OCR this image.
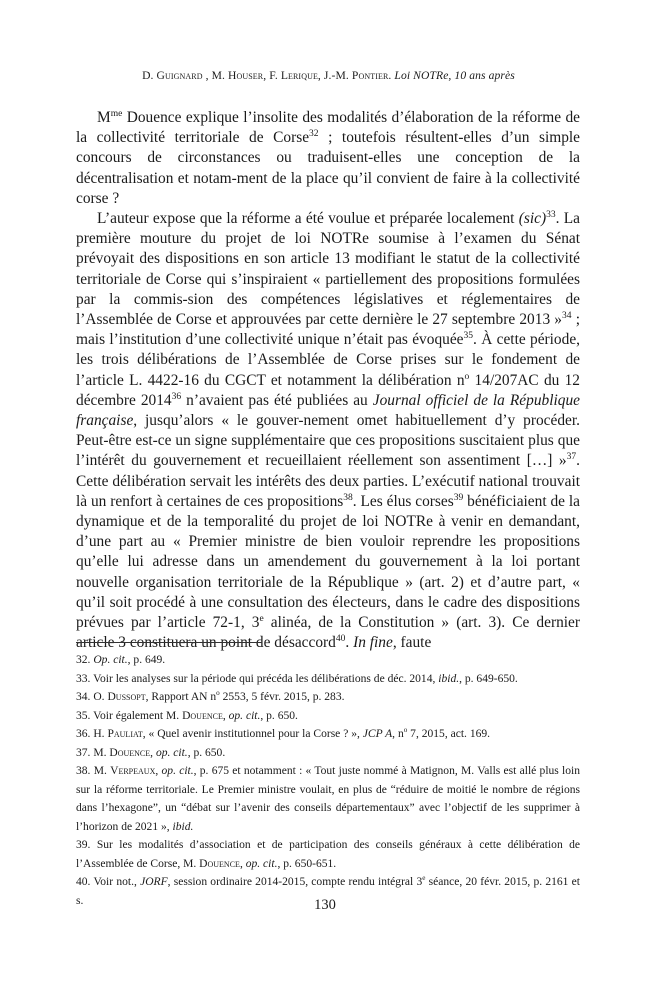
D. Guignard , M. Houser, F. Lerique, J.-M. Pontier. Loi NOTRe, 10 ans après

$M^{me}$ Douence explique l’insolite des modalités d’élaboration de la réforme de la collectivité territoriale de Corse$^{32}$ ; toutefois résultent-elles d’un simple concours de circonstances ou traduisent-elles une conception de la décentralisation et notam-ment de la place qu’il convient de faire à la collectivité corse ?

L’auteur expose que la réforme a été voulue et préparée localement (sic)$^{33}$. La première mouture du projet de loi NOTRe soumise à l’examen du Sénat prévoyait des dispositions en son article 13 modifiant le statut de la collectivité territoriale de Corse qui s’inspiraient « partiellement des propositions formulées par la commis-sion des compétences législatives et réglementaires de l’Assemblée de Corse et approuvées par cette dernière le 27 septembre 2013 »$^{34}$ ; mais l’institution d’une collectivité unique n’était pas évoquée$^{35}$. À cette période, les trois délibérations de l’Assemblée de Corse prises sur le fondement de l’article L. 4422-16 du CGCT et notamment la délibération $n^o$ 14/207AC du 12 décembre 2014$^{36}$ n’avaient pas été publiées au Journal officiel de la République française, jusqu’alors « le gouver-nement omet habituellement d’y procéder. Peut-être est-ce un signe supplémentaire que ces propositions suscitaient plus que l’intérêt du gouvernement et recueillaient réellement son assentiment […] »$^{37}$. Cette délibération servait les intérêts des deux parties. L’exécutif national trouvait là un renfort à certaines de ces propositions$^{38}$. Les élus corses$^{39}$ bénéficiaient de la dynamique et de la temporalité du projet de loi NOTRe à venir en demandant, d’une part au « Premier ministre de bien vouloir reprendre les propositions qu’elle lui adresse dans un amendement du gouvernement à la loi portant nouvelle organisation territoriale de la République » (art. 2) et d’autre part, « qu’il soit procédé à une consultation des électeurs, dans le cadre des dispositions prévues par l’article 72-1, 3e alinéa, de la Constitution » (art. 3). Ce dernier article 3 constituera un point de désaccord$^{40}$. In fine, faute

32. Op. cit., p. 649.

33. Voir les analyses sur la période qui précéda les délibérations de déc. 2014, ibid., p. 649-650.

34. O. Dussopt, Rapport AN $n^o$ 2553, 5 févr. 2015, p. 283.

35. Voir également M. Douence, op. cit., p. 650.

36. H. Pauliat, « Quel avenir institutionnel pour la Corse ? », JCP A, $n^o$ 7, 2015, act. 169.

37. M. Douence, op. cit., p. 650.

38. M. Verpeaux, op. cit., p. 675 et notamment : « Tout juste nommé à Matignon, M. Valls est allé plus loin sur la réforme territoriale. Le Premier ministre voulait, en plus de “réduire de moitié le nombre de régions dans l’hexagone”, un “débat sur l’avenir des conseils départementaux” avec l’objectif de les supprimer à l’horizon de 2021 », ibid.

39. Sur les modalités d’association et de participation des conseils généraux à cette délibération de l’Assemblée de Corse, M. Douence, op. cit., p. 650-651.

40. Voir not., JORF, session ordinaire 2014-2015, compte rendu intégral 3e séance, 20 févr. 2015, p. 2161 et s.	130
